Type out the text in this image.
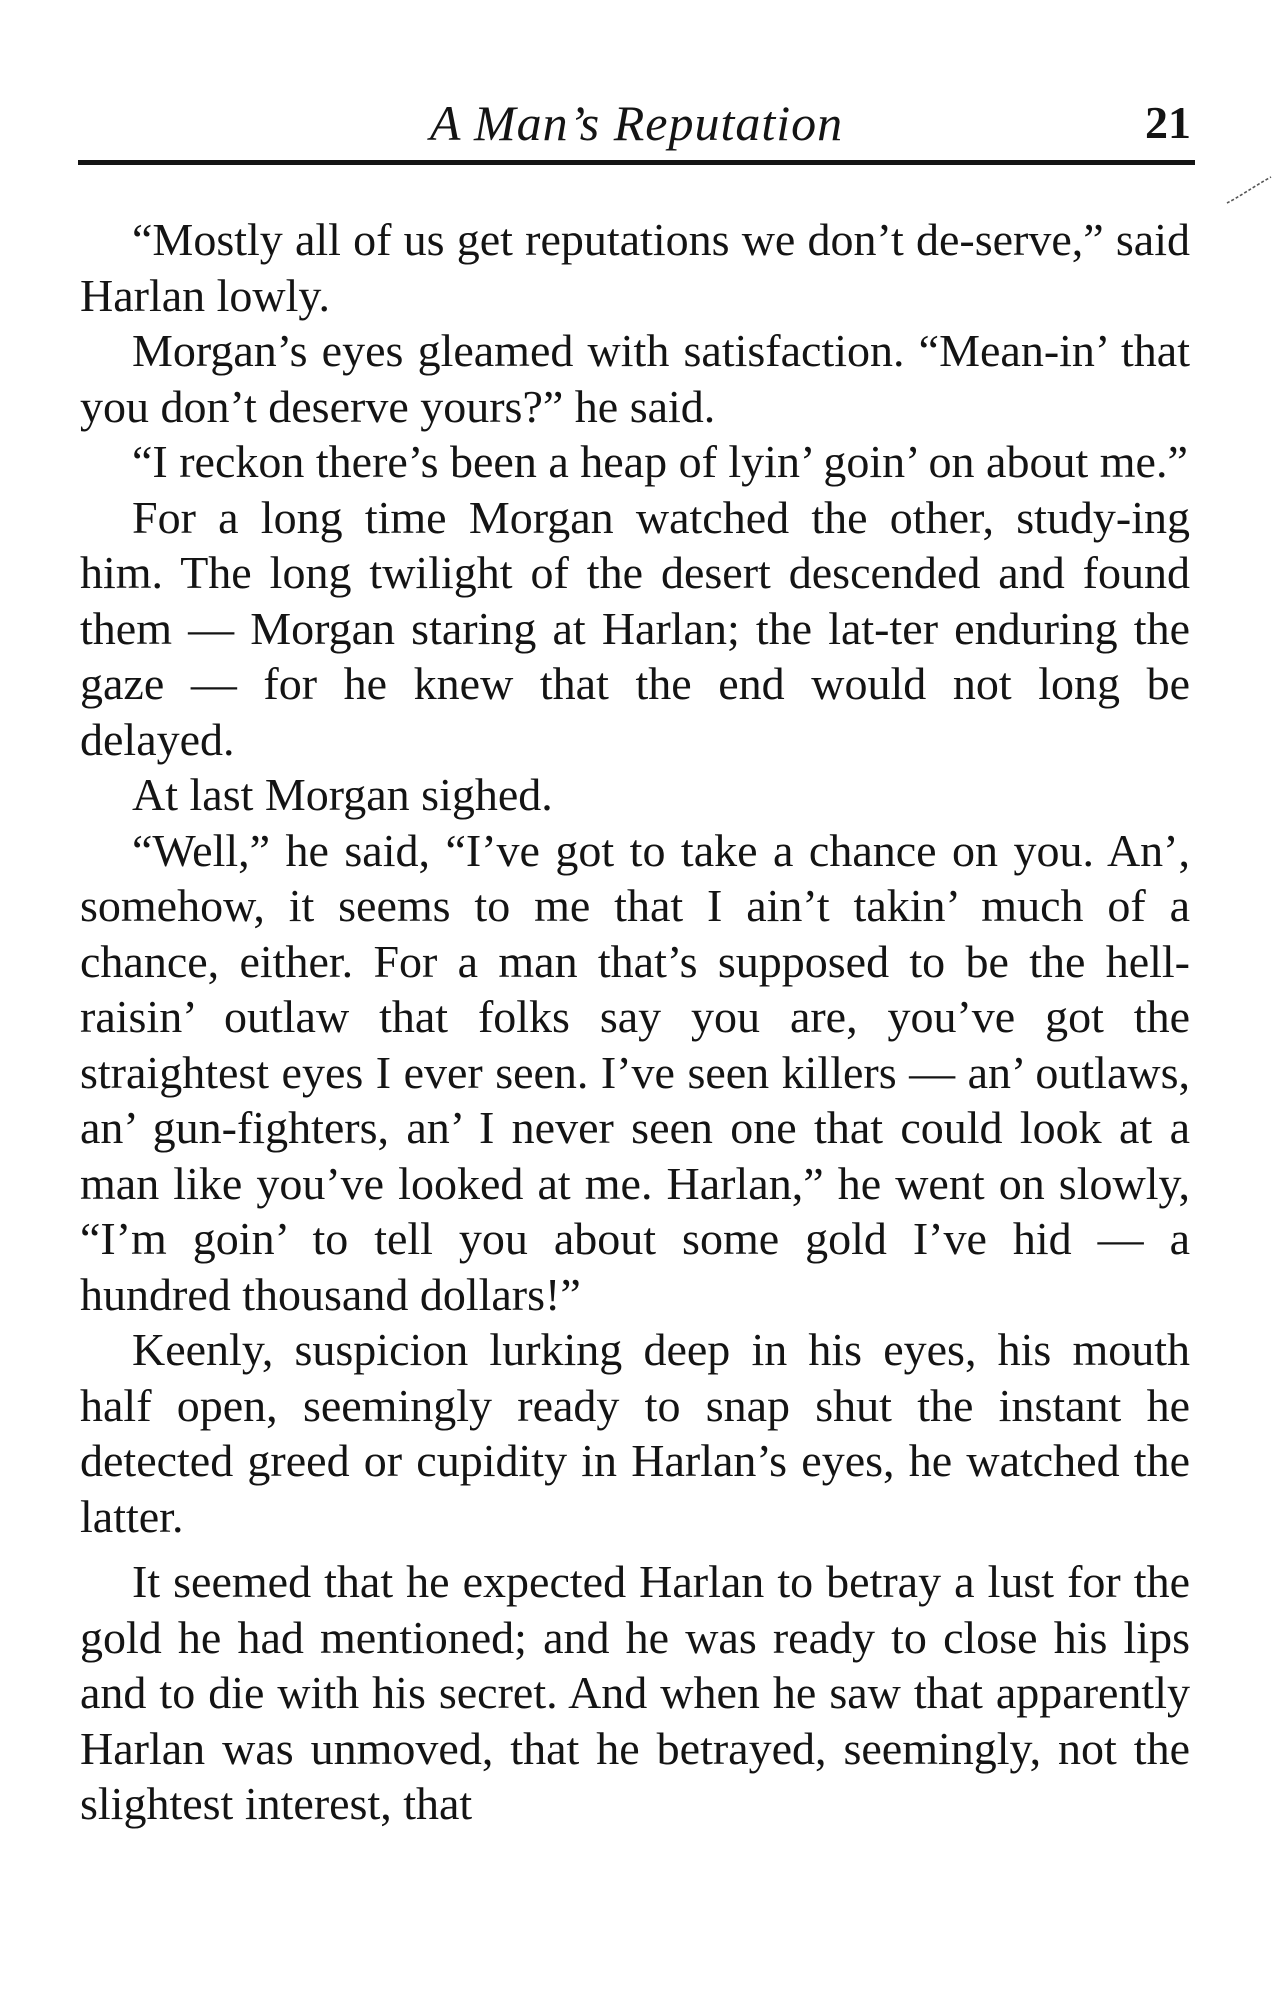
A Man’s Reputation	21

“Mostly all of us get reputations we don’t de-serve,” said Harlan lowly.

Morgan’s eyes gleamed with satisfaction. “Mean-in’ that you don’t deserve yours?” he said.

“I reckon there’s been a heap of lyin’ goin’ on about me.”

For a long time Morgan watched the other, study-ing him. The long twilight of the desert descended and found them — Morgan staring at Harlan; the lat-ter enduring the gaze — for he knew that the end would not long be delayed.

At last Morgan sighed.

“Well,” he said, “I’ve got to take a chance on you. An’, somehow, it seems to me that I ain’t takin’ much of a chance, either. For a man that’s supposed to be the hell-raisin’ outlaw that folks say you are, you’ve got the straightest eyes I ever seen. I’ve seen killers — an’ outlaws, an’ gun-fighters, an’ I never seen one that could look at a man like you’ve looked at me. Harlan,” he went on slowly, “I’m goin’ to tell you about some gold I’ve hid — a hundred thousand dollars!”

Keenly, suspicion lurking deep in his eyes, his mouth half open, seemingly ready to snap shut the instant he detected greed or cupidity in Harlan’s eyes, he watched the latter.

It seemed that he expected Harlan to betray a lust for the gold he had mentioned; and he was ready to close his lips and to die with his secret. And when he saw that apparently Harlan was unmoved, that he betrayed, seemingly, not the slightest interest, that
